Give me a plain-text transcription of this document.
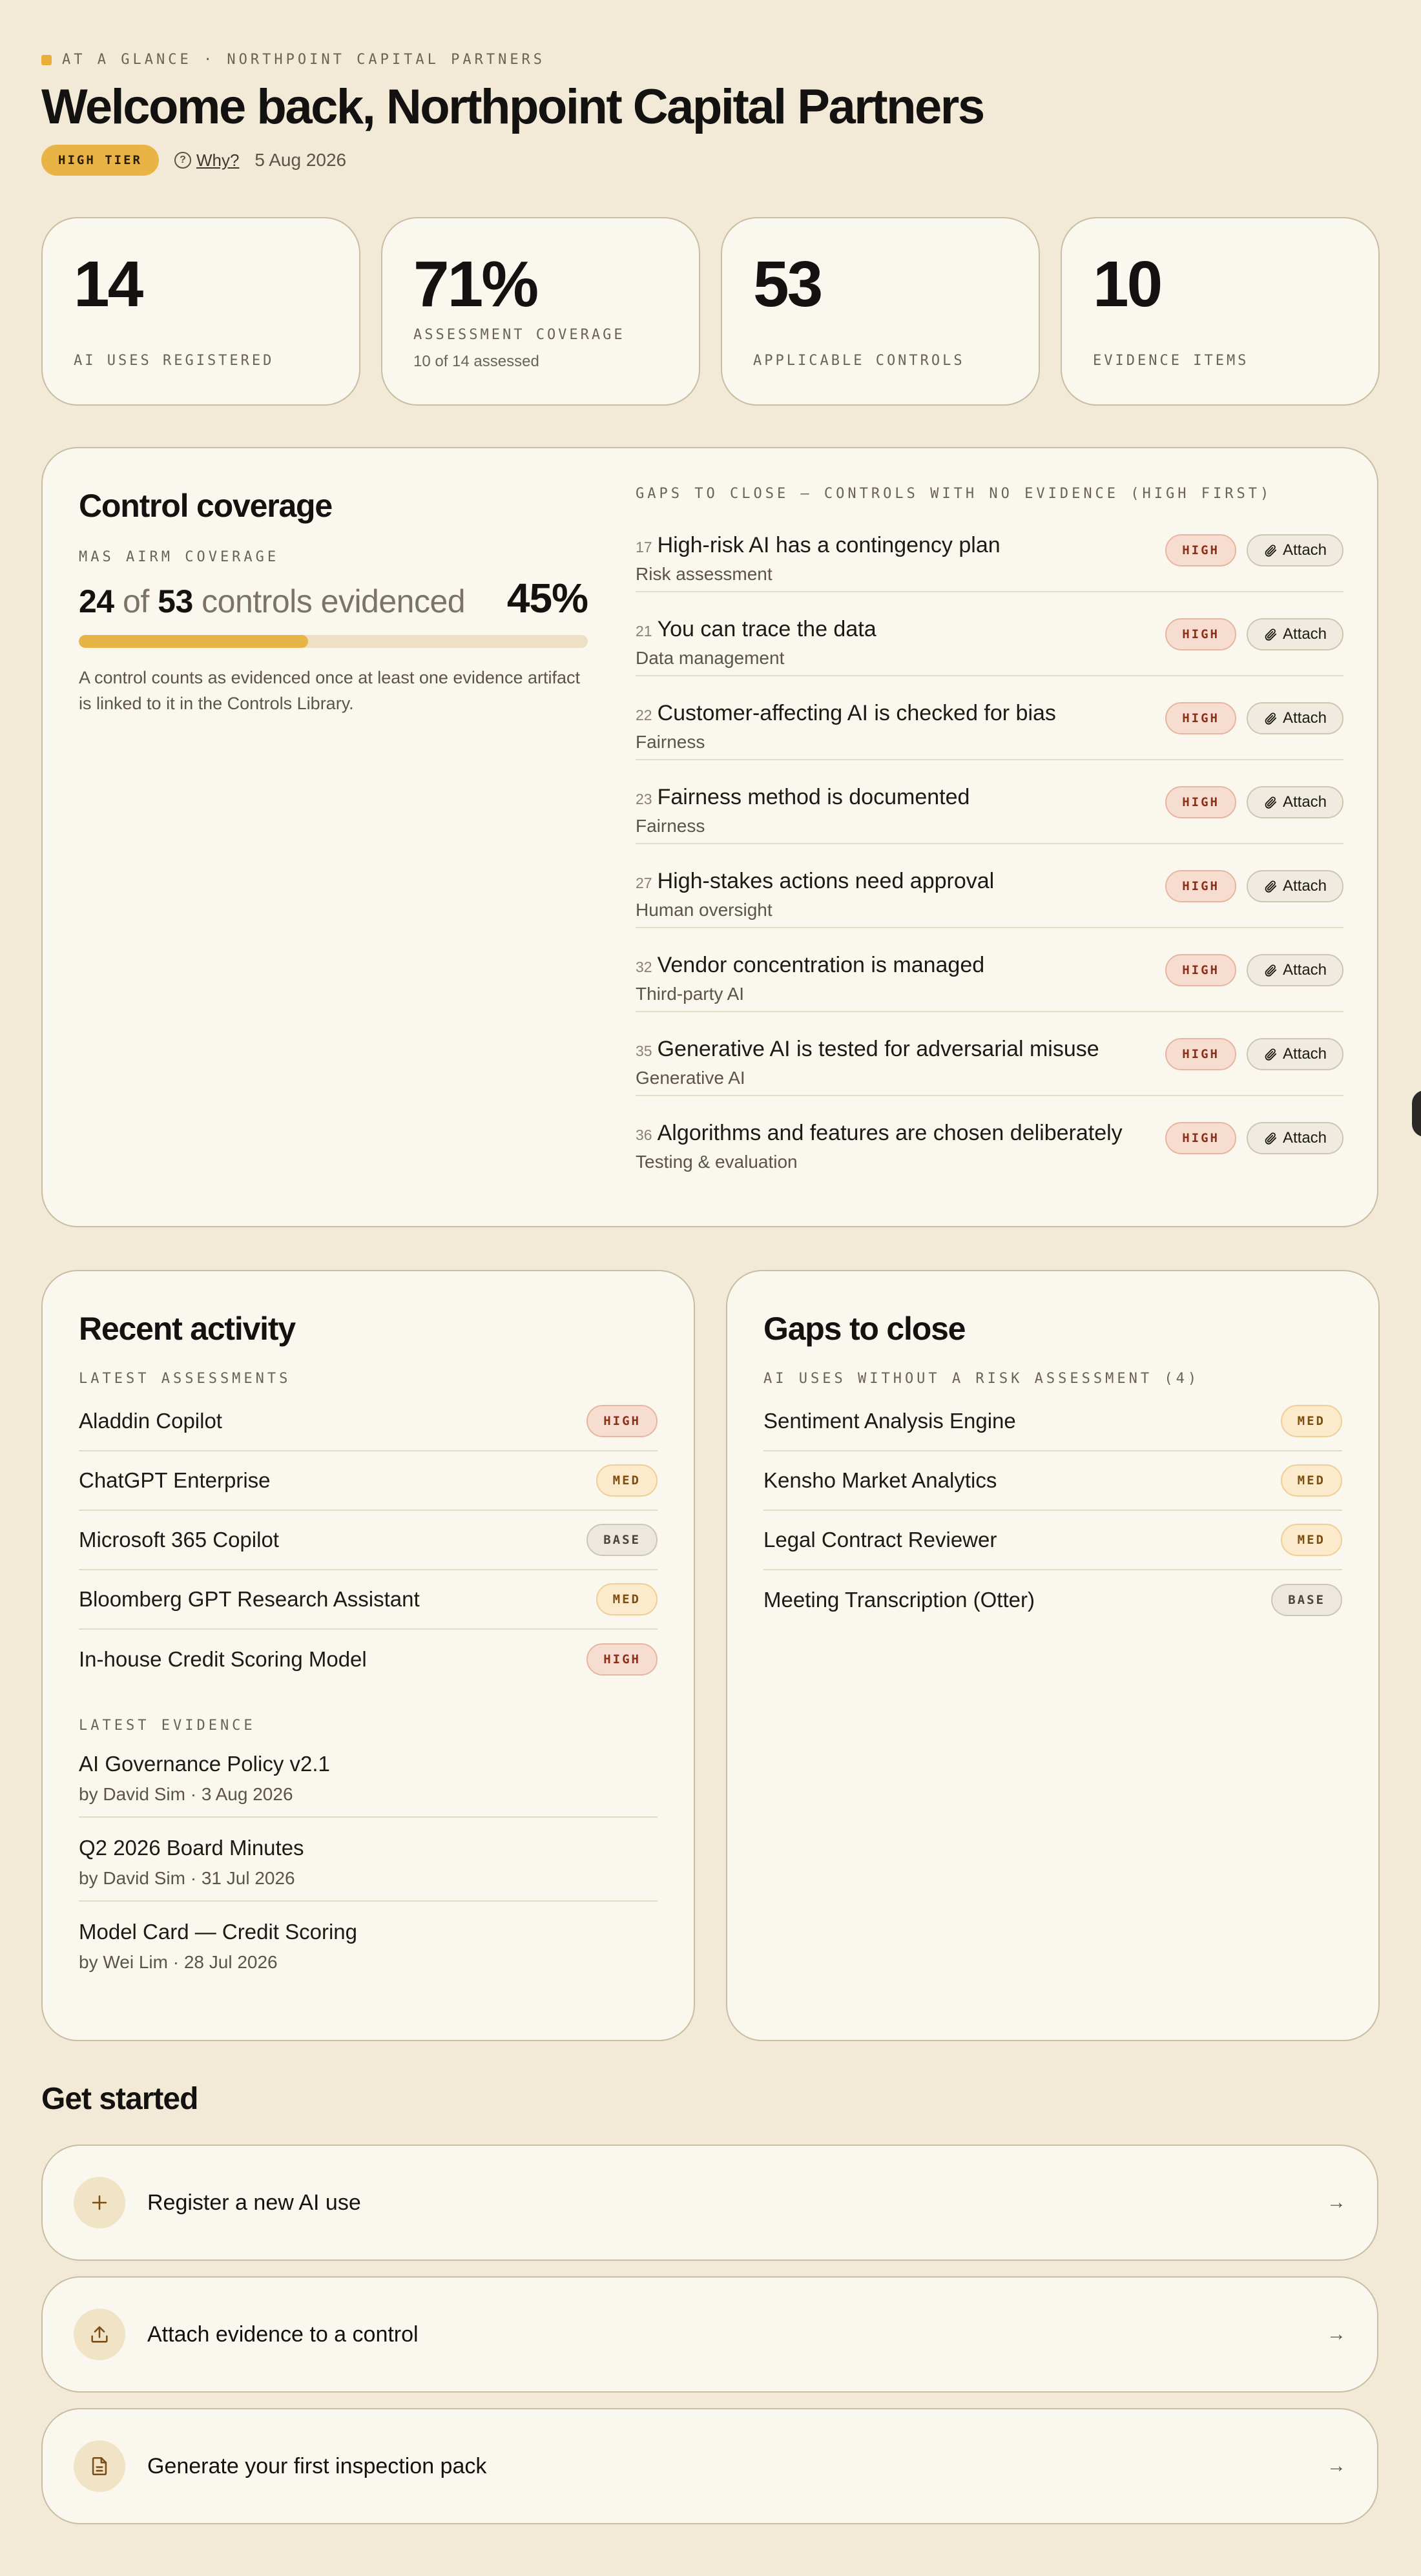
AT A GLANCE · NORTHPOINT CAPITAL PARTNERS
Welcome back, Northpoint Capital Partners
HIGH TIER	? Why? 5 Aug 2026
14
AI USES REGISTERED
71%
ASSESSMENT COVERAGE
10 of 14 assessed
53
APPLICABLE CONTROLS
10
EVIDENCE ITEMS
Control coverage
MAS AIRM COVERAGE
24 of 53 controls evidenced 45%

A control counts as evidenced once at least one evidence artifact is linked to it in the Controls Library.

GAPS TO CLOSE — CONTROLS WITH NO EVIDENCE (HIGH FIRST)
17 High-risk AI has a contingency plan
Risk assessment
HIGH	Attach
21 You can trace the data
Data management
HIGH	Attach
22 Customer-affecting AI is checked for bias
Fairness
HIGH	Attach
23 Fairness method is documented
Fairness
HIGH	Attach
27 High-stakes actions need approval
Human oversight
HIGH	Attach
32 Vendor concentration is managed
Third-party AI
HIGH	Attach
35 Generative AI is tested for adversarial misuse
Generative AI
HIGH	Attach
36 Algorithms and features are chosen deliberately
Testing & evaluation
HIGH	Attach
Recent activity
LATEST ASSESSMENTS
Aladdin Copilot	HIGH
ChatGPT Enterprise	MED
Microsoft 365 Copilot	BASE
Bloomberg GPT Research Assistant	MED
In-house Credit Scoring Model	HIGH
LATEST EVIDENCE
AI Governance Policy v2.1
by David Sim · 3 Aug 2026
Q2 2026 Board Minutes
by David Sim · 31 Jul 2026
Model Card — Credit Scoring
by Wei Lim · 28 Jul 2026
Gaps to close
AI USES WITHOUT A RISK ASSESSMENT (4)
Sentiment Analysis Engine	MED
Kensho Market Analytics	MED
Legal Contract Reviewer	MED
Meeting Transcription (Otter)	BASE
Get started
Register a new AI use	→
Attach evidence to a control	→
Generate your first inspection pack	→
